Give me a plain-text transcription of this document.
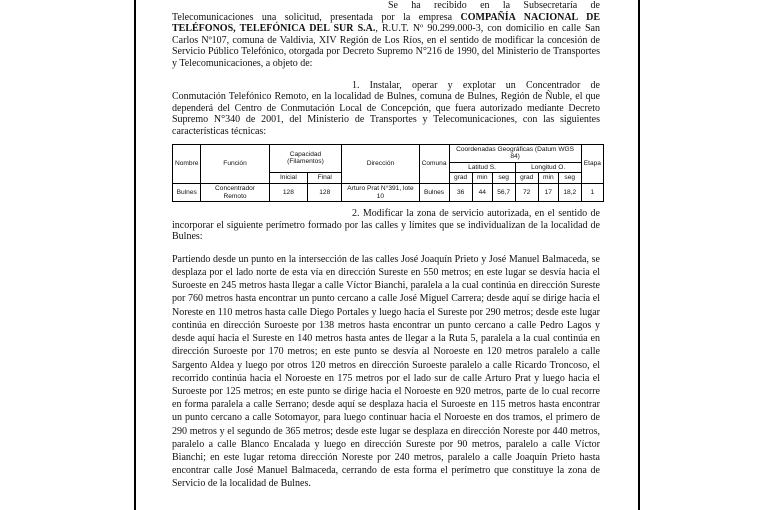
Se ha recibido en la Subsecretaría de Telecomunicaciones una solicitud, presentada por la empresa COMPAÑÍA NACIONAL DE TELÉFONOS, TELEFÓNICA DEL SUR S.A., R.U.T. Nº 90.299.000-3, con domicilio en calle San Carlos Nº107, comuna de Valdivia, XIV Región de Los Ríos, en el sentido de modificar la concesión de Servicio Público Telefónico, otorgada por Decreto Supremo N°216 de 1990, del Ministerio de Transportes y Telecomunicaciones, a objeto de:

1. Instalar, operar y explotar un Concentrador de Conmutación Telefónico Remoto, en la localidad de Bulnes, comuna de Bulnes, Región de Ñuble, el que dependerá del Centro de Conmutación Local de Concepción, que fuera autorizado mediante Decreto Supremo N°340 de 2001, del Ministerio de Transportes y Telecomunicaciones, con las siguientes características técnicas:

Nombre	Función	Capacidad (Filamentos)		Dirección	Comuna	Coordenadas Geográficas (Datum WGS 84)						Etapa
						Latitud S.			Longitud O.			
		Inicial	Final			grad	min	seg	grad	min	seg	
Bulnes	Concentrador Remoto	128	128	Arturo Prat N°391, lote 10	Bulnes	36	44	56,7	72	17	18,2	1

2. Modificar la zona de servicio autorizada, en el sentido de incorporar el siguiente perímetro formado por las calles y límites que se individualizan de la localidad de Bulnes:

Partiendo desde un punto en la intersección de las calles José Joaquín Prieto y José Manuel Balmaceda, se desplaza por el lado norte de esta vía en dirección Sureste en 550 metros; en este lugar se desvía hacia el Suroeste en 245 metros hasta llegar a calle Víctor Bianchi, paralela a la cual continúa en dirección Sureste por 760 metros hasta encontrar un punto cercano a calle José Miguel Carrera; desde aquí se dirige hacia el Noreste en 110 metros hasta calle Diego Portales y luego hacia el Sureste por 290 metros; desde este lugar continúa en dirección Suroeste por 138 metros hasta encontrar un punto cercano a calle Pedro Lagos y desde aquí hacia el Sureste en 140 metros hasta antes de llegar a la Ruta 5, paralela a la cual continúa en dirección Suroeste por 170 metros; en este punto se desvía al Noroeste en 120 metros paralelo a calle Sargento Aldea y luego por otros 120 metros en dirección Suroeste paralelo a calle Ricardo Troncoso, el recorrido continúa hacia el Noroeste en 175 metros por el lado sur de calle Arturo Prat y luego hacia el Suroeste por 125 metros; en este punto se dirige hacia el Noroeste en 920 metros, parte de lo cual recorre en forma paralela a calle Serrano; desde aquí se desplaza hacia el Suroeste en 115 metros hasta encontrar un punto cercano a calle Sotomayor, para luego continuar hacia el Noroeste en dos tramos, el primero de 290 metros y el segundo de 365 metros; desde este lugar se desplaza en dirección Noreste por 440 metros, paralelo a calle Blanco Encalada y luego en dirección Sureste por 90 metros, paralelo a calle Víctor Bianchi; en este lugar retoma dirección Noreste por 240 metros, paralelo a calle Joaquín Prieto hasta encontrar calle José Manuel Balmaceda, cerrando de esta forma el perímetro que constituye la zona de Servicio de la localidad de Bulnes.
